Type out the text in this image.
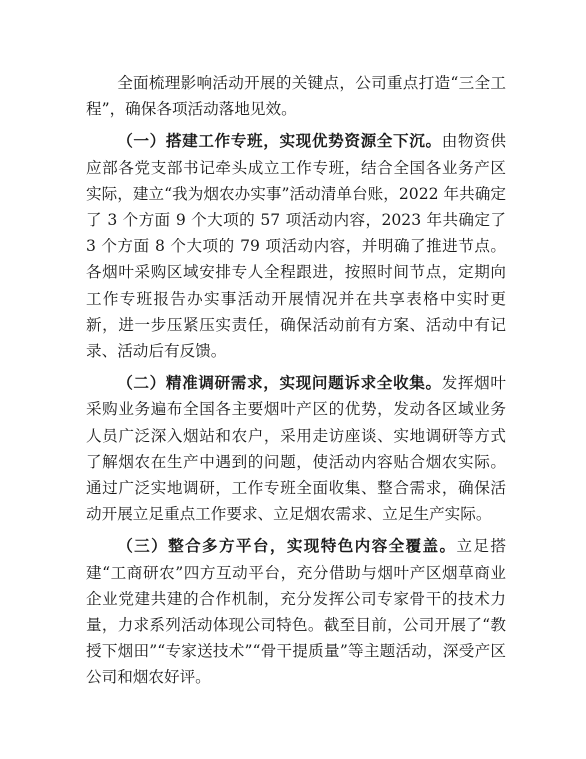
全面梳理影响活动开展的关键点，公司重点打造“三全工程”，确保各项活动落地见效。

（一）搭建工作专班，实现优势资源全下沉。由物资供应部各党支部书记牵头成立工作专班，结合全国各业务产区实际，建立“我为烟农办实事”活动清单台账，2022 年共确定了 3 个方面 9 个大项的 57 项活动内容，2023 年共确定了 3 个方面 8 个大项的 79 项活动内容，并明确了推进节点。各烟叶采购区域安排专人全程跟进，按照时间节点，定期向工作专班报告办实事活动开展情况并在共享表格中实时更新，进一步压紧压实责任，确保活动前有方案、活动中有记录、活动后有反馈。

（二）精准调研需求，实现问题诉求全收集。发挥烟叶采购业务遍布全国各主要烟叶产区的优势，发动各区域业务人员广泛深入烟站和农户，采用走访座谈、实地调研等方式了解烟农在生产中遇到的问题，使活动内容贴合烟农实际。通过广泛实地调研，工作专班全面收集、整合需求，确保活动开展立足重点工作要求、立足烟农需求、立足生产实际。

（三）整合多方平台，实现特色内容全覆盖。立足搭建“工商研农”四方互动平台，充分借助与烟叶产区烟草商业企业党建共建的合作机制，充分发挥公司专家骨干的技术力量，力求系列活动体现公司特色。截至目前，公司开展了“教授下烟田”“专家送技术”“骨干提质量”等主题活动，深受产区公司和烟农好评。
